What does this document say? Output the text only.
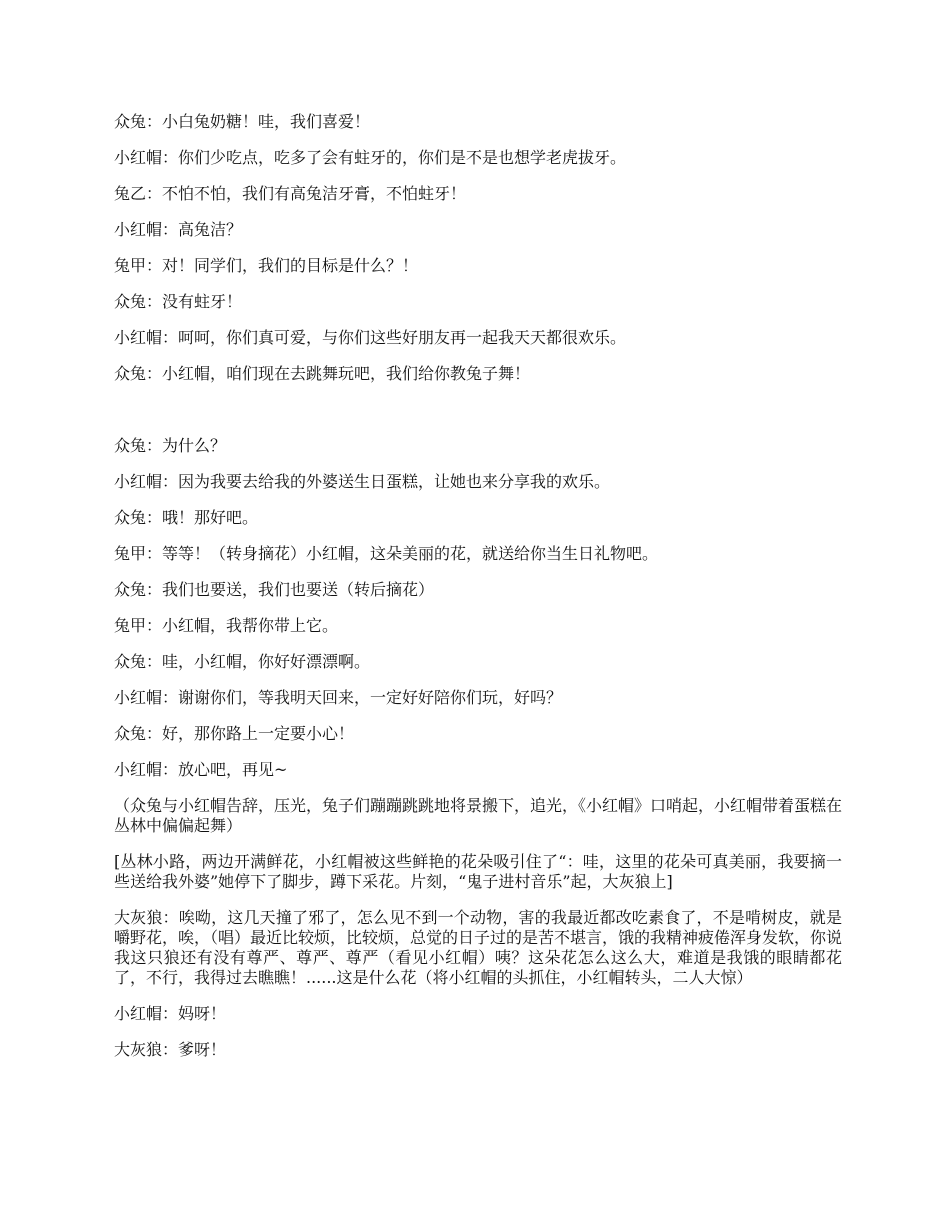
众兔：小白兔奶糖！哇，我们喜爱！

小红帽：你们少吃点，吃多了会有蛀牙的，你们是不是也想学老虎拔牙。

兔乙：不怕不怕，我们有高兔洁牙膏，不怕蛀牙！

小红帽：高兔洁？

兔甲：对！同学们，我们的目标是什么？！

众兔：没有蛀牙！

小红帽：呵呵，你们真可爱，与你们这些好朋友再一起我天天都很欢乐。

众兔：小红帽，咱们现在去跳舞玩吧，我们给你教兔子舞！

众兔：为什么？

小红帽：因为我要去给我的外婆送生日蛋糕，让她也来分享我的欢乐。

众兔：哦！那好吧。

兔甲：等等！（转身摘花）小红帽，这朵美丽的花，就送给你当生日礼物吧。

众兔：我们也要送，我们也要送（转后摘花）

兔甲：小红帽，我帮你带上它。

众兔：哇，小红帽，你好好漂漂啊。

小红帽：谢谢你们，等我明天回来，一定好好陪你们玩，好吗？

众兔：好，那你路上一定要小心！

小红帽：放心吧，再见~

（众兔与小红帽告辞，压光，兔子们蹦蹦跳跳地将景搬下，追光，《小红帽》口哨起，小红帽带着蛋糕在丛林中偏偏起舞）

[丛林小路，两边开满鲜花，小红帽被这些鲜艳的花朵吸引住了“：哇，这里的花朵可真美丽，我要摘一些送给我外婆”她停下了脚步，蹲下采花。片刻，“鬼子进村音乐”起，大灰狼上]

大灰狼：唉呦，这几天撞了邪了，怎么见不到一个动物，害的我最近都改吃素食了，不是啃树皮，就是嚼野花，唉，（唱）最近比较烦，比较烦，总觉的日子过的是苦不堪言，饿的我精神疲倦浑身发软，你说我这只狼还有没有尊严、尊严、尊严（看见小红帽）咦？这朵花怎么这么大，难道是我饿的眼睛都花了，不行，我得过去瞧瞧！......这是什么花（将小红帽的头抓住，小红帽转头，二人大惊）

小红帽：妈呀！

大灰狼：爹呀！
